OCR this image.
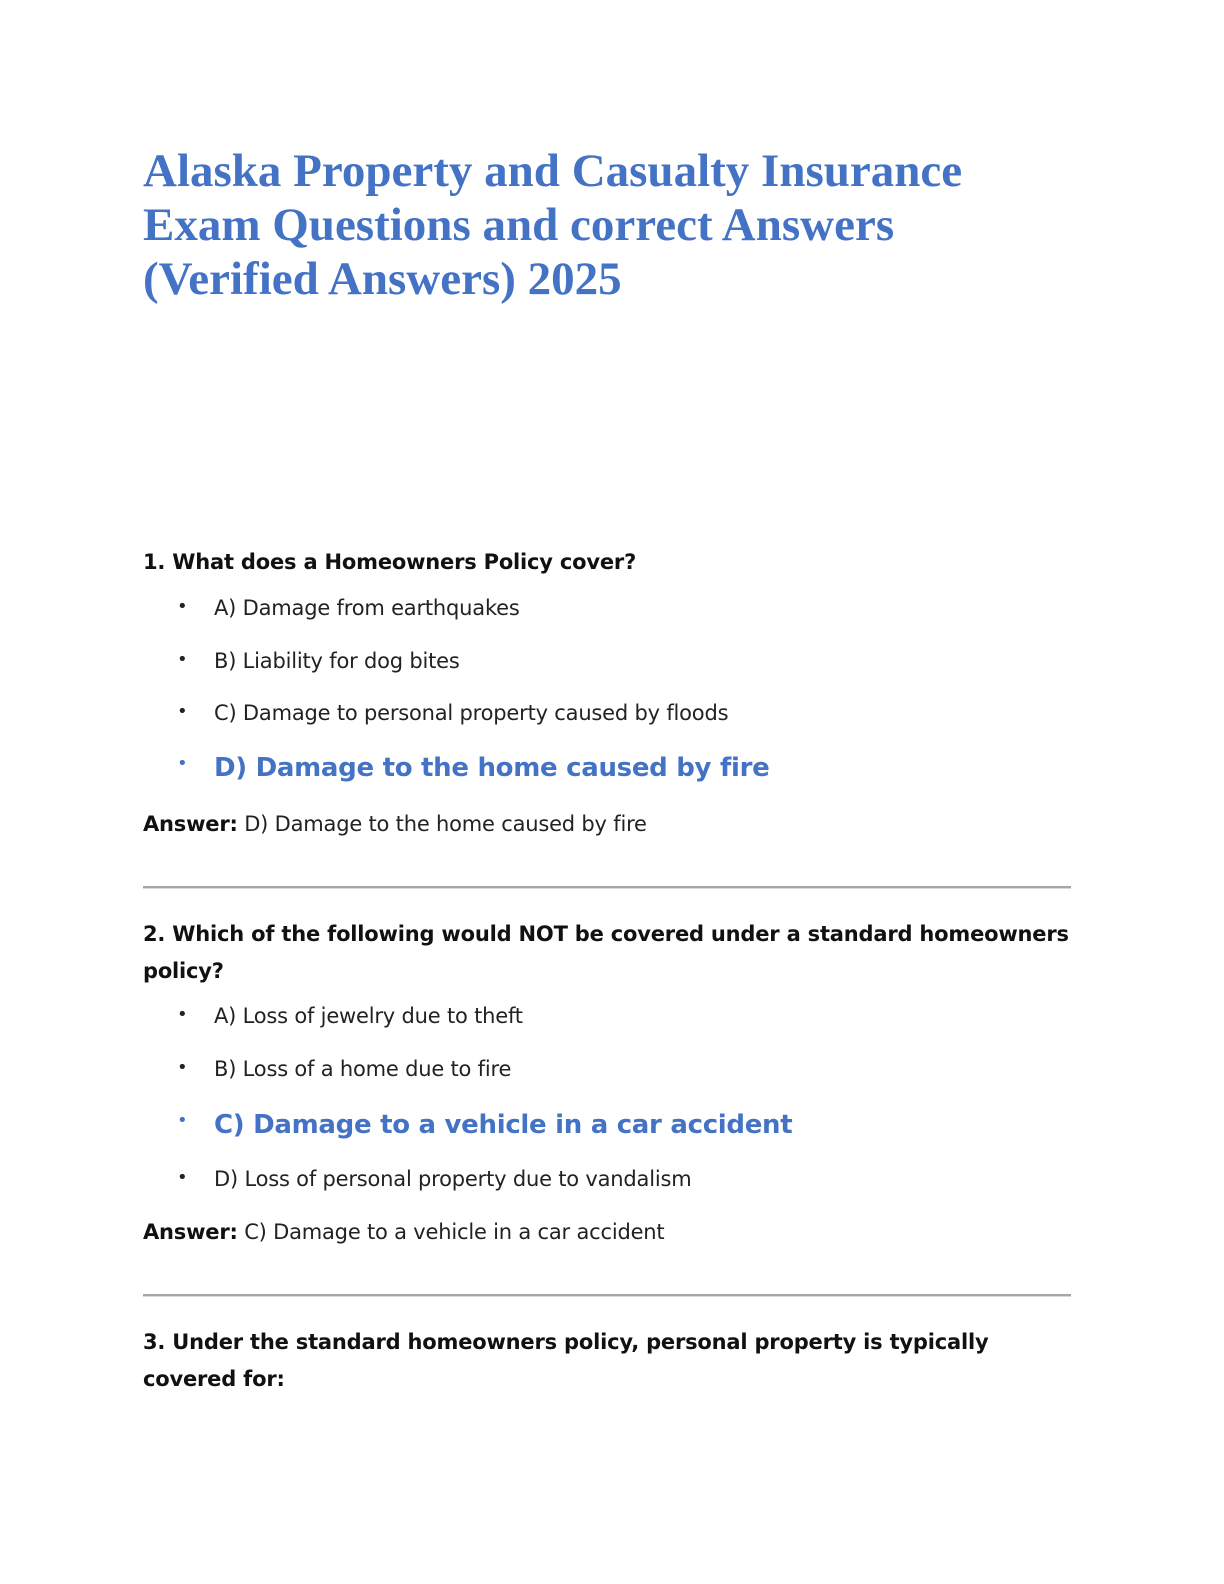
Alaska Property and Casualty Insurance
Exam Questions and correct Answers
(Verified Answers) 2025

1. What does a Homeowners Policy cover?

• A) Damage from earthquakes
• B) Liability for dog bites
• C) Damage to personal property caused by floods
• D) Damage to the home caused by fire

Answer: D) Damage to the home caused by fire

2. Which of the following would NOT be covered under a standard homeowners policy?

• A) Loss of jewelry due to theft
• B) Loss of a home due to fire
• C) Damage to a vehicle in a car accident
• D) Loss of personal property due to vandalism

Answer: C) Damage to a vehicle in a car accident

3. Under the standard homeowners policy, personal property is typically covered for:
